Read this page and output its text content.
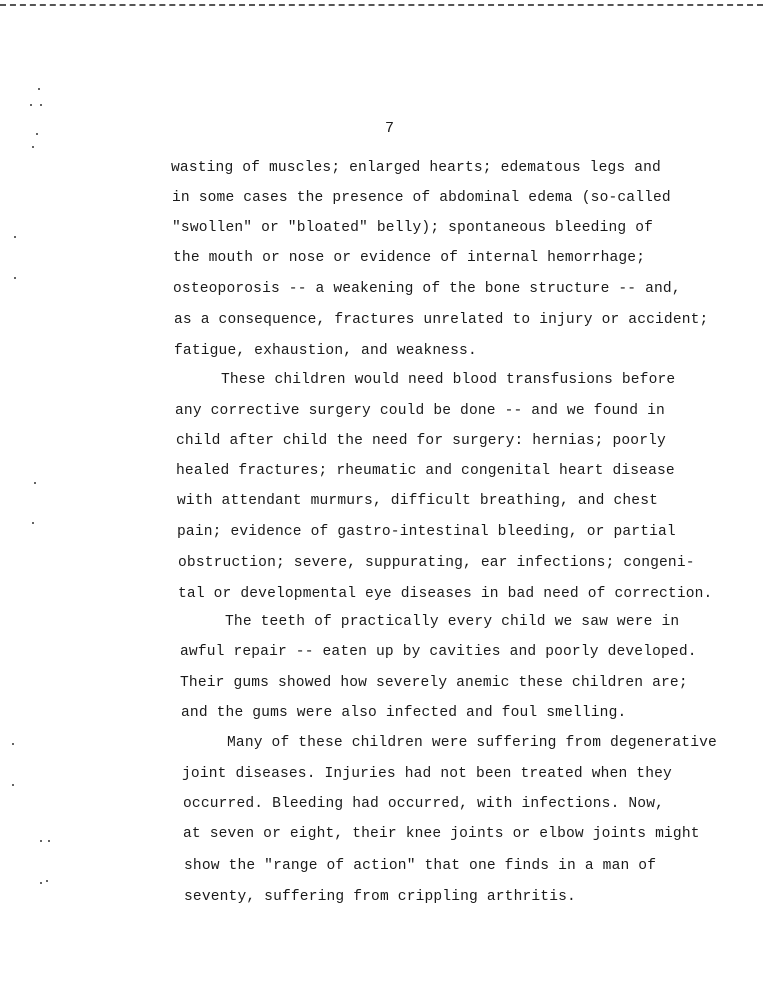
7
wasting of muscles; enlarged hearts; edematous legs and
in some cases the presence of abdominal edema (so-called
"swollen" or "bloated" belly); spontaneous bleeding of
the mouth or nose or evidence of internal hemorrhage;
osteoporosis -- a weakening of the bone structure -- and,
as a consequence, fractures unrelated to injury or accident;
fatigue, exhaustion, and weakness.
These children would need blood transfusions before
any corrective surgery could be done -- and we found in
child after child the need for surgery: hernias; poorly
healed fractures; rheumatic and congenital heart disease
with attendant murmurs, difficult breathing, and chest
pain; evidence of gastro-intestinal bleeding, or partial
obstruction; severe, suppurating, ear infections; congeni-
tal or developmental eye diseases in bad need of correction.
The teeth of practically every child we saw were in
awful repair -- eaten up by cavities and poorly developed.
Their gums showed how severely anemic these children are;
and the gums were also infected and foul smelling.
Many of these children were suffering from degenerative
joint diseases. Injuries had not been treated when they
occurred. Bleeding had occurred, with infections. Now,
at seven or eight, their knee joints or elbow joints might
show the "range of action" that one finds in a man of
seventy, suffering from crippling arthritis.
